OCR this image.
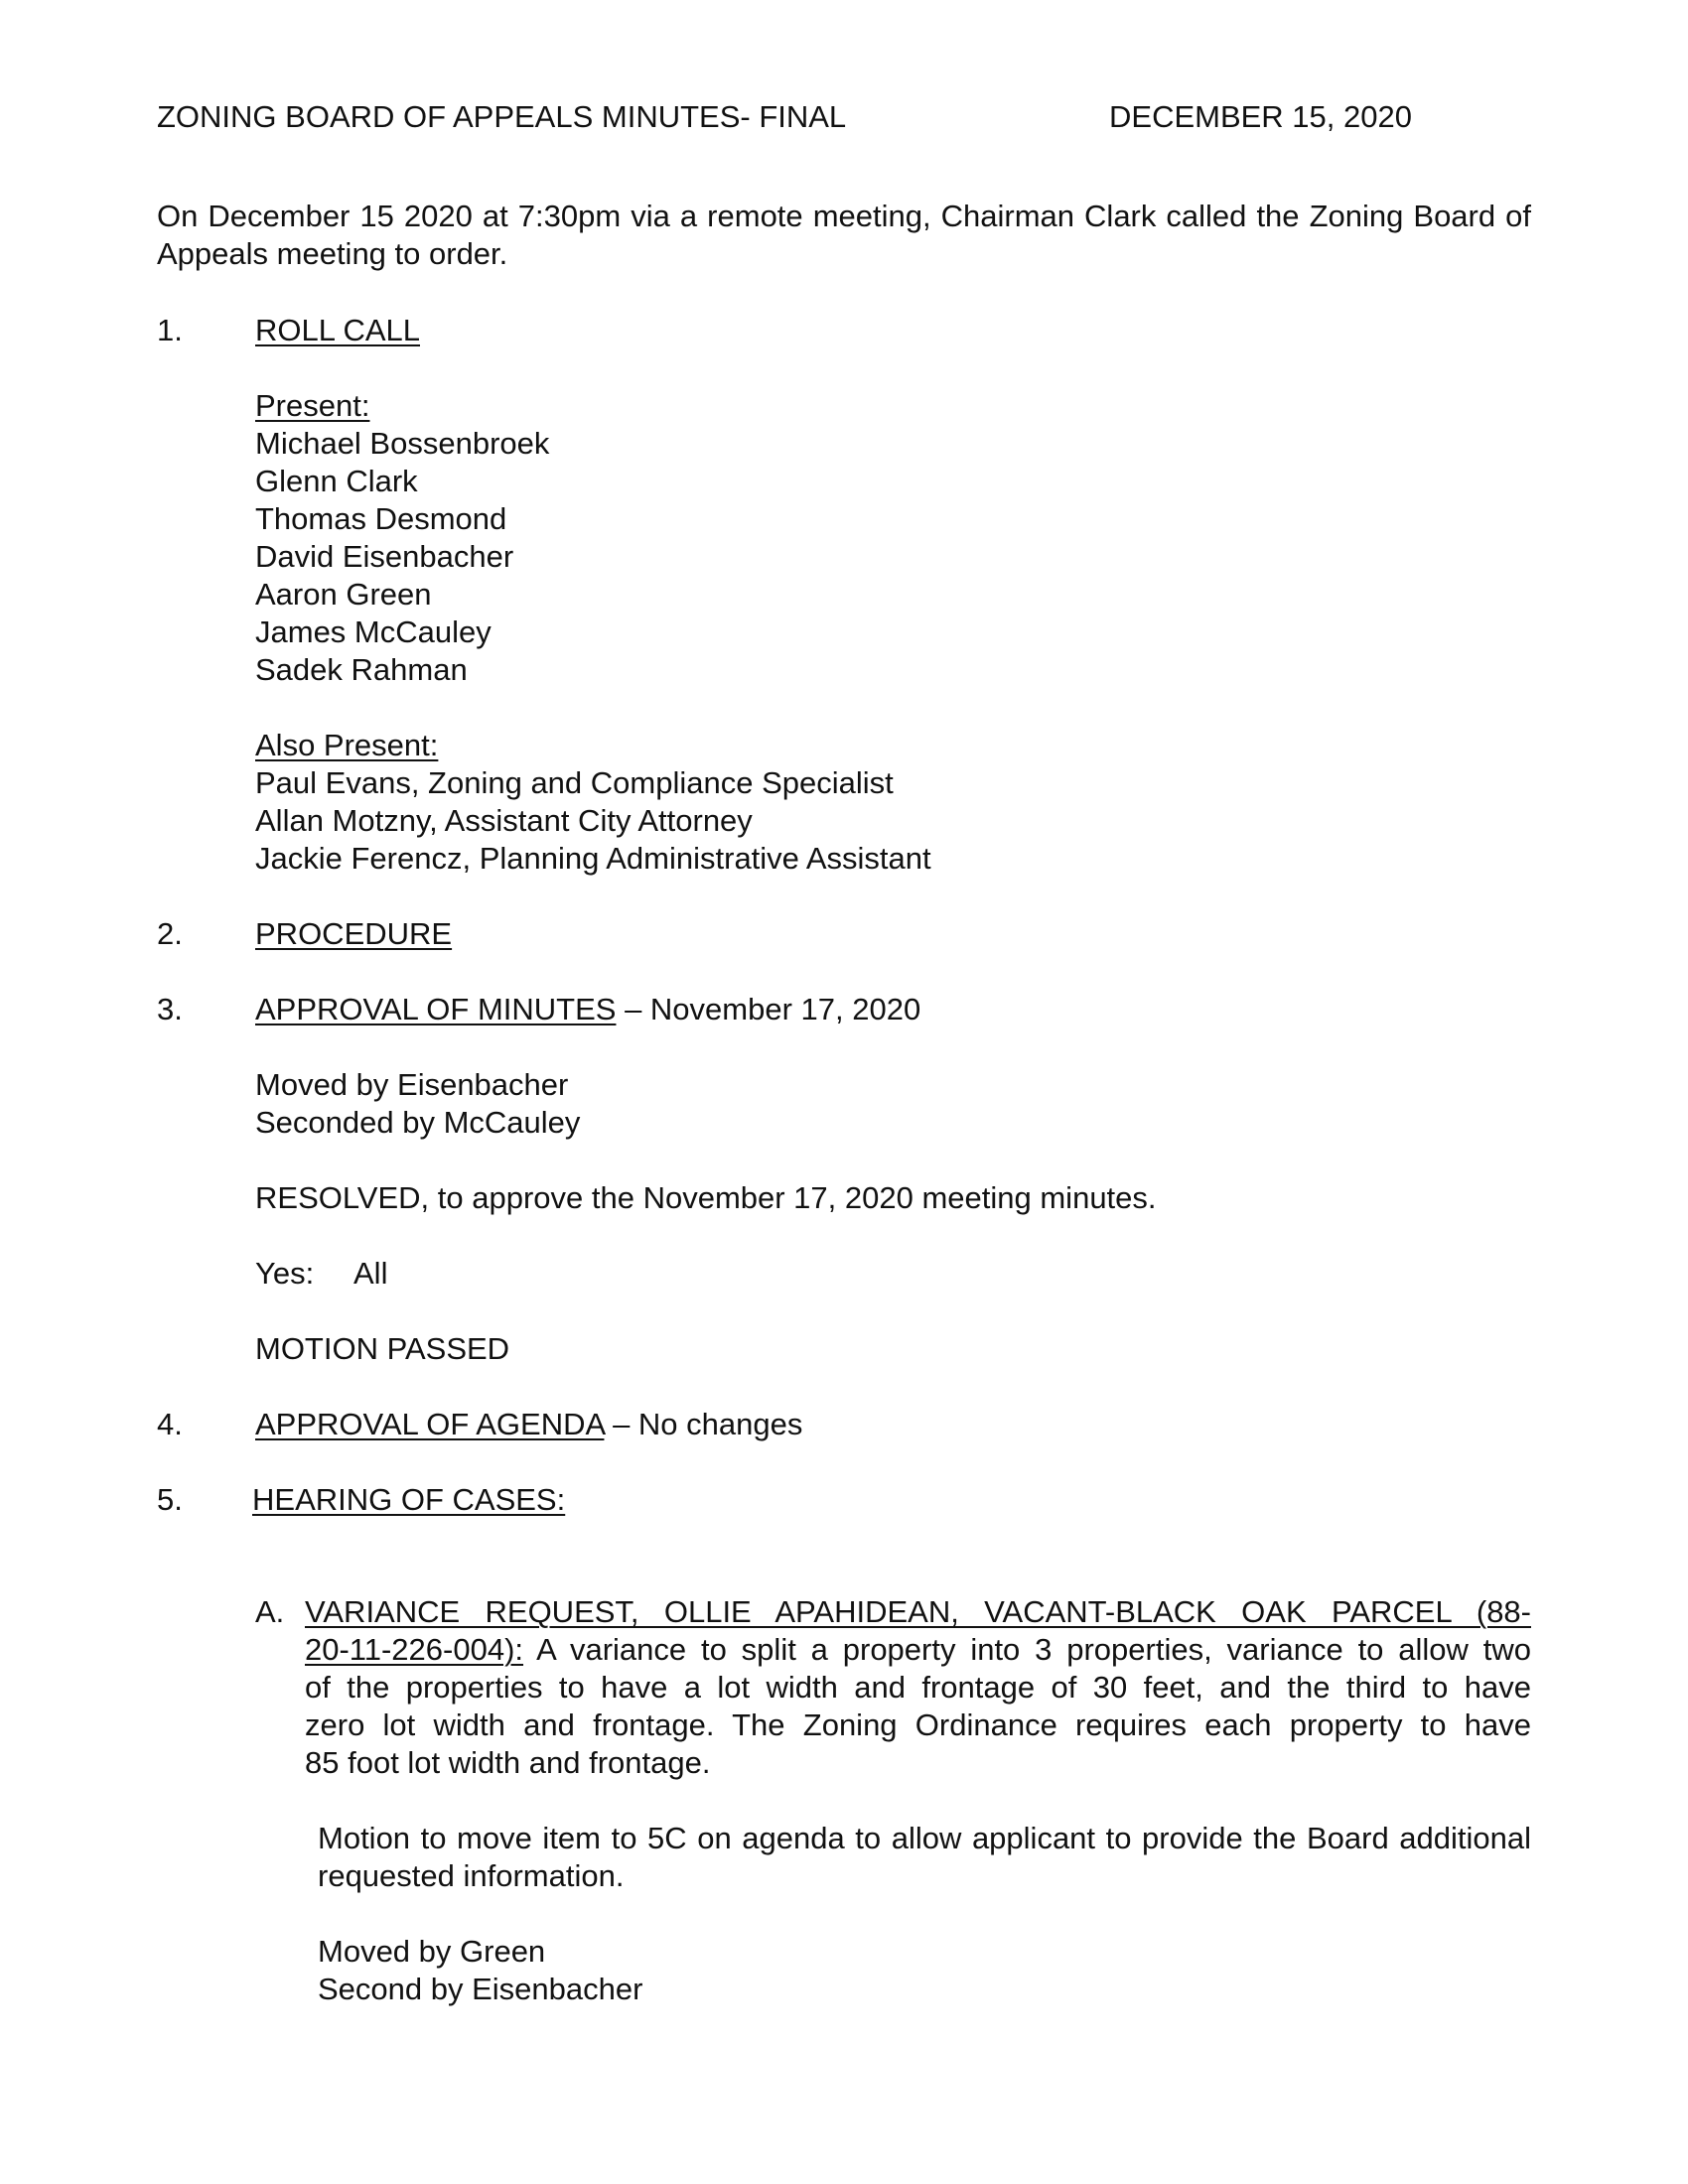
ZONING BOARD OF APPEALS MINUTES- FINAL	DECEMBER 15, 2020
On December 15 2020 at 7:30pm via a remote meeting, Chairman Clark called the Zoning Board of Appeals meeting to order.
1. ROLL CALL
Present:
Michael Bossenbroek
Glenn Clark
Thomas Desmond
David Eisenbacher
Aaron Green
James McCauley
Sadek Rahman
Also Present:
Paul Evans, Zoning and Compliance Specialist
Allan Motzny, Assistant City Attorney
Jackie Ferencz, Planning Administrative Assistant
2. PROCEDURE
3. APPROVAL OF MINUTES – November 17, 2020
Moved by Eisenbacher
Seconded by McCauley
RESOLVED, to approve the November 17, 2020 meeting minutes.
Yes: All
MOTION PASSED
4. APPROVAL OF AGENDA – No changes
5. HEARING OF CASES:
A. VARIANCE REQUEST, OLLIE APAHIDEAN, VACANT-BLACK OAK PARCEL (88-
20-11-226-004): A variance to split a property into 3 properties, variance to allow two
of the properties to have a lot width and frontage of 30 feet, and the third to have
zero lot width and frontage. The Zoning Ordinance requires each property to have
85 foot lot width and frontage.
Motion to move item to 5C on agenda to allow applicant to provide the Board additional requested information.
Moved by Green
Second by Eisenbacher
